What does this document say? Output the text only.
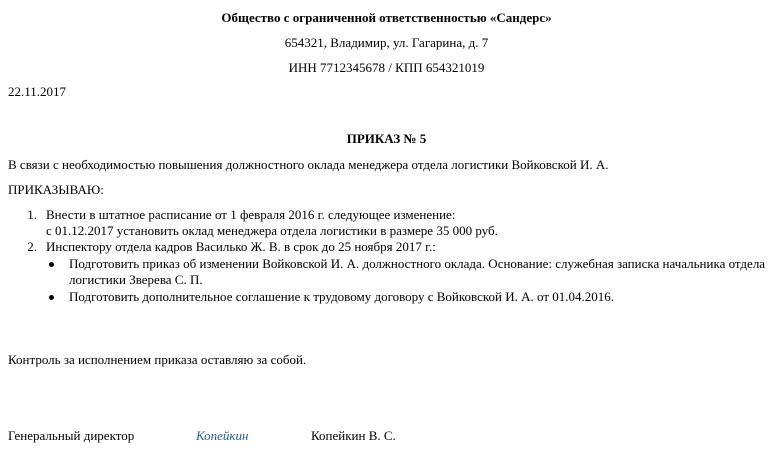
Общество с ограниченной ответственностью «Сандерс»
654321, Владимир, ул. Гагарина, д. 7
ИНН 7712345678 / КПП 654321019
22.11.2017
ПРИКАЗ № 5
В связи с необходимостью повышения должностного оклада менеджера отдела логистики Войковской И. А.
ПРИКАЗЫВАЮ:
1. Внести в штатное расписание от 1 февраля 2016 г. следующее изменение:
с 01.12.2017 установить оклад менеджера отдела логистики в размере 35 000 руб.
2. Инспектору отдела кадров Василько Ж. В. в срок до 25 ноября 2017 г.:
Подготовить приказ об изменении Войковской И. А. должностного оклада. Основание: служебная записка начальника отдела
логистики Зверева С. П.
Подготовить дополнительное соглашение к трудовому договору с Войковской И. А. от 01.04.2016.
Контроль за исполнением приказа оставляю за собой.
Генеральный директор	Копейкин	Копейкин В. С.
